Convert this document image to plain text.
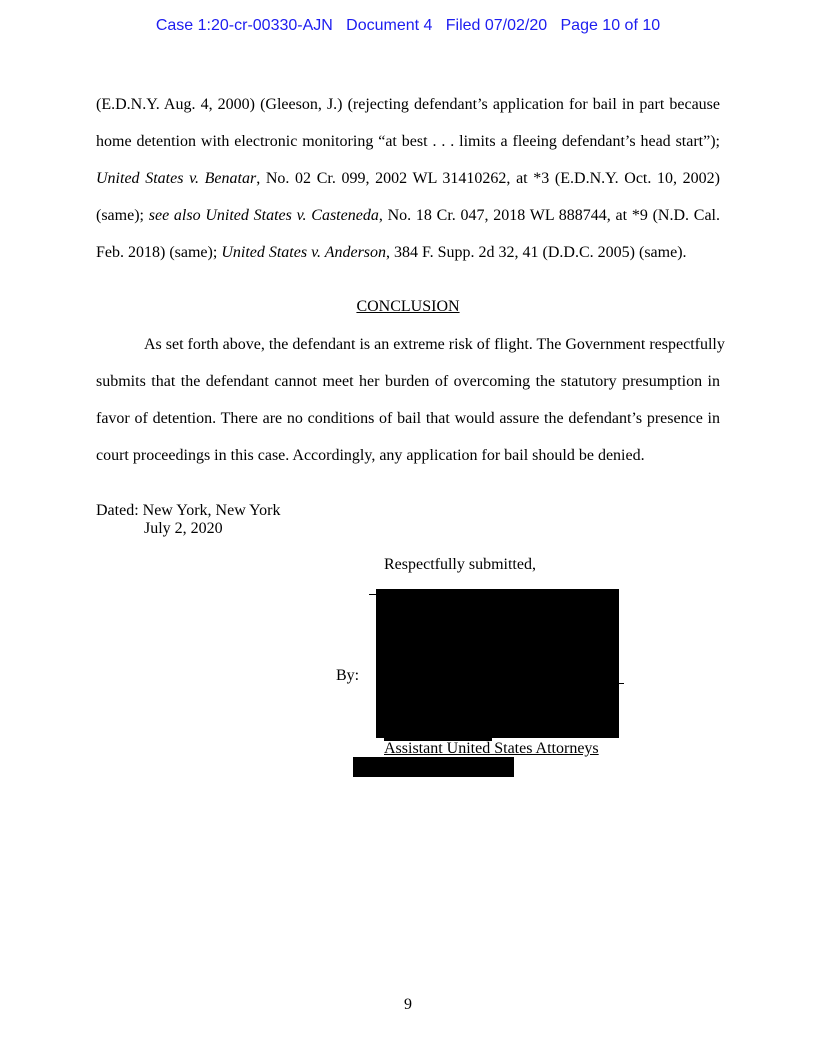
Case 1:20-cr-00330-AJN   Document 4   Filed 07/02/20   Page 10 of 10
(E.D.N.Y. Aug. 4, 2000) (Gleeson, J.) (rejecting defendant’s application for bail in part because
home detention with electronic monitoring “at best . . . limits a fleeing defendant’s head start”);
United States v. Benatar, No. 02 Cr. 099, 2002 WL 31410262, at *3 (E.D.N.Y. Oct. 10, 2002)
(same); see also United States v. Casteneda, No. 18 Cr. 047, 2018 WL 888744, at *9 (N.D. Cal.
Feb. 2018) (same); United States v. Anderson, 384 F. Supp. 2d 32, 41 (D.D.C. 2005) (same).
CONCLUSION
As set forth above, the defendant is an extreme risk of flight. The Government respectfully
submits that the defendant cannot meet her burden of overcoming the statutory presumption in
favor of detention. There are no conditions of bail that would assure the defendant’s presence in
court proceedings in this case. Accordingly, any application for bail should be denied.
Dated: New York, New York
July 2, 2020
Respectfully submitted,
By:
Assistant United States Attorneys
9
